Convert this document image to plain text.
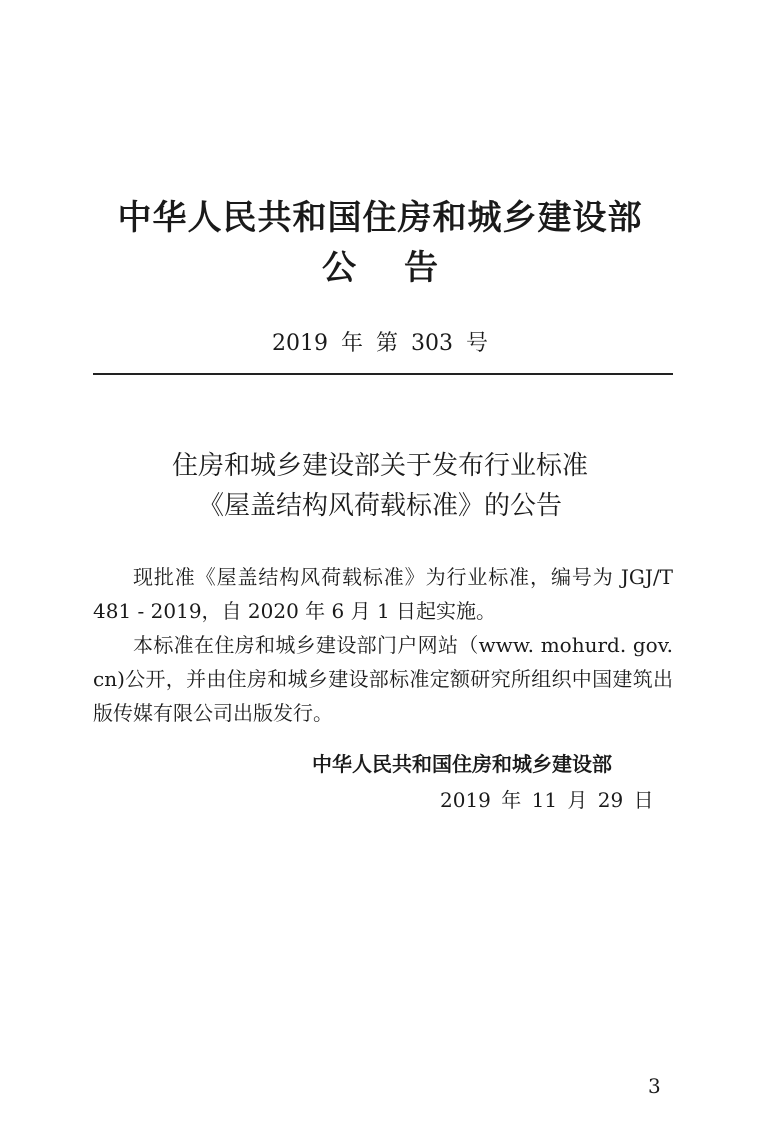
中华人民共和国住房和城乡建设部
公告
2019 年 第 303 号
住房和城乡建设部关于发布行业标准
《屋盖结构风荷载标准》的公告

现批准《屋盖结构风荷载标准》为行业标准，编号为 JGJ/T 481 - 2019，自 2020 年 6 月 1 日起实施。

本标准在住房和城乡建设部门户网站（www. mohurd. gov. cn)公开，并由住房和城乡建设部标准定额研究所组织中国建筑出版传媒有限公司出版发行。

中华人民共和国住房和城乡建设部
2019 年 11 月 29 日
3
